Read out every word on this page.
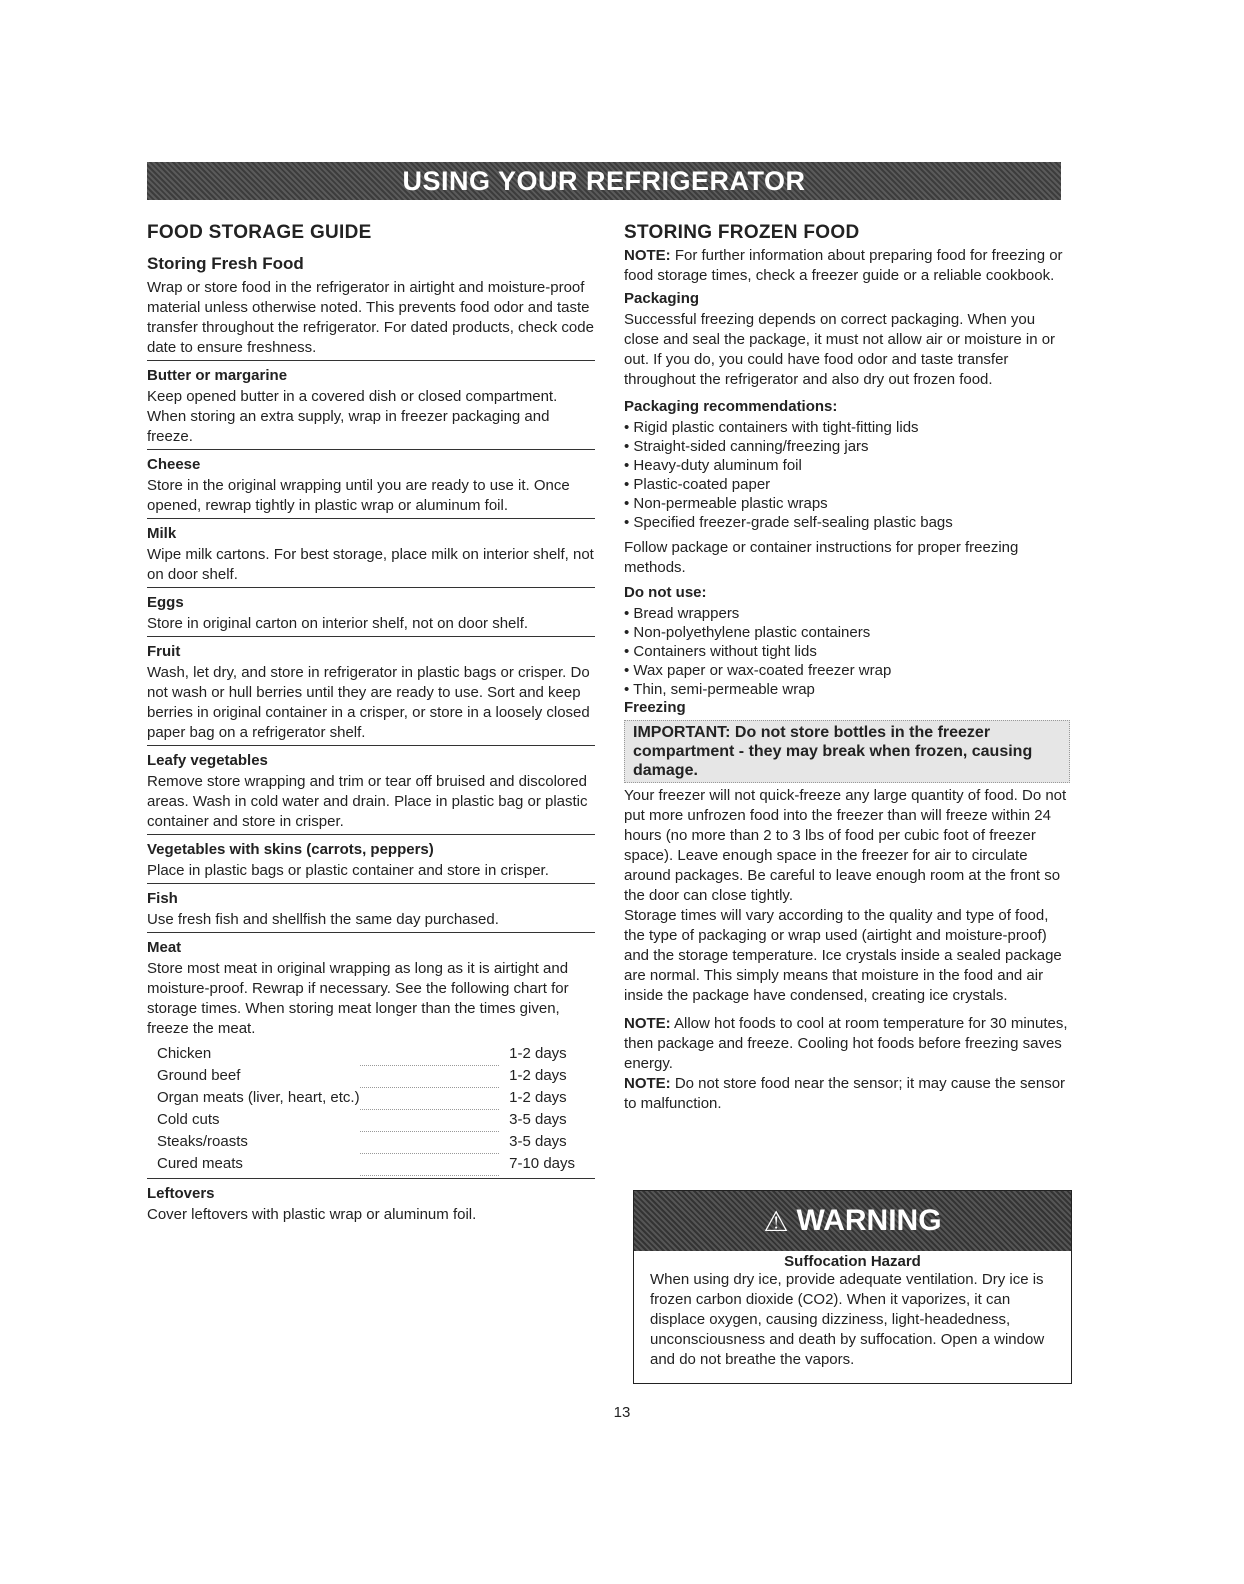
USING YOUR REFRIGERATOR
FOOD STORAGE GUIDE
Storing Fresh Food

Wrap or store food in the refrigerator in airtight and moisture-proof material unless otherwise noted. This prevents food odor and taste transfer throughout the refrigerator. For dated products, check code date to ensure freshness.

Butter or margarine

Keep opened butter in a covered dish or closed compartment. When storing an extra supply, wrap in freezer packaging and freeze.

Cheese

Store in the original wrapping until you are ready to use it. Once opened, rewrap tightly in plastic wrap or aluminum foil.

Milk

Wipe milk cartons. For best storage, place milk on interior shelf, not on door shelf.

Eggs

Store in original carton on interior shelf, not on door shelf.

Fruit

Wash, let dry, and store in refrigerator in plastic bags or crisper. Do not wash or hull berries until they are ready to use. Sort and keep berries in original container in a crisper, or store in a loosely closed paper bag on a refrigerator shelf.

Leafy vegetables

Remove store wrapping and trim or tear off bruised and discolored areas. Wash in cold water and drain. Place in plastic bag or plastic container and store in crisper.

Vegetables with skins (carrots, peppers)

Place in plastic bags or plastic container and store in crisper.

Fish

Use fresh fish and shellfish the same day purchased.

Meat

Store most meat in original wrapping as long as it is airtight and moisture-proof. Rewrap if necessary. See the following chart for storage times. When storing meat longer than the times given, freeze the meat.

Chicken		1-2 days
Ground beef		1-2 days
Organ meats (liver, heart, etc.)		1-2 days
Cold cuts		3-5 days
Steaks/roasts		3-5 days
Cured meats		7-10 days
Leftovers

Cover leftovers with plastic wrap or aluminum foil.

STORING FROZEN FOOD

NOTE: For further information about preparing food for freezing or food storage times, check a freezer guide or a reliable cookbook.

Packaging

Successful freezing depends on correct packaging. When you close and seal the package, it must not allow air or moisture in or out. If you do, you could have food odor and taste transfer throughout the refrigerator and also dry out frozen food.

Packaging recommendations:
• Rigid plastic containers with tight-fitting lids
• Straight-sided canning/freezing jars
• Heavy-duty aluminum foil
• Plastic-coated paper
• Non-permeable plastic wraps
• Specified freezer-grade self-sealing plastic bags

Follow package or container instructions for proper freezing methods.

Do not use:
• Bread wrappers
• Non-polyethylene plastic containers
• Containers without tight lids
• Wax paper or wax-coated freezer wrap
• Thin, semi-permeable wrap
Freezing
IMPORTANT: Do not store bottles in the freezer compartment - they may break when frozen, causing damage.

Your freezer will not quick-freeze any large quantity of food. Do not put more unfrozen food into the freezer than will freeze within 24 hours (no more than 2 to 3 lbs of food per cubic foot of freezer space). Leave enough space in the freezer for air to circulate around packages. Be careful to leave enough room at the front so the door can close tightly.

Storage times will vary according to the quality and type of food, the type of packaging or wrap used (airtight and moisture-proof) and the storage temperature. Ice crystals inside a sealed package are normal. This simply means that moisture in the food and air inside the package have condensed, creating ice crystals.

NOTE: Allow hot foods to cool at room temperature for 30 minutes, then package and freeze. Cooling hot foods before freezing saves energy.

NOTE: Do not store food near the sensor; it may cause the sensor to malfunction.

⚠ WARNING
Suffocation Hazard

When using dry ice, provide adequate ventilation. Dry ice is frozen carbon dioxide (CO2). When it vaporizes, it can displace oxygen, causing dizziness, light-headedness, unconsciousness and death by suffocation. Open a window and do not breathe the vapors.

13
